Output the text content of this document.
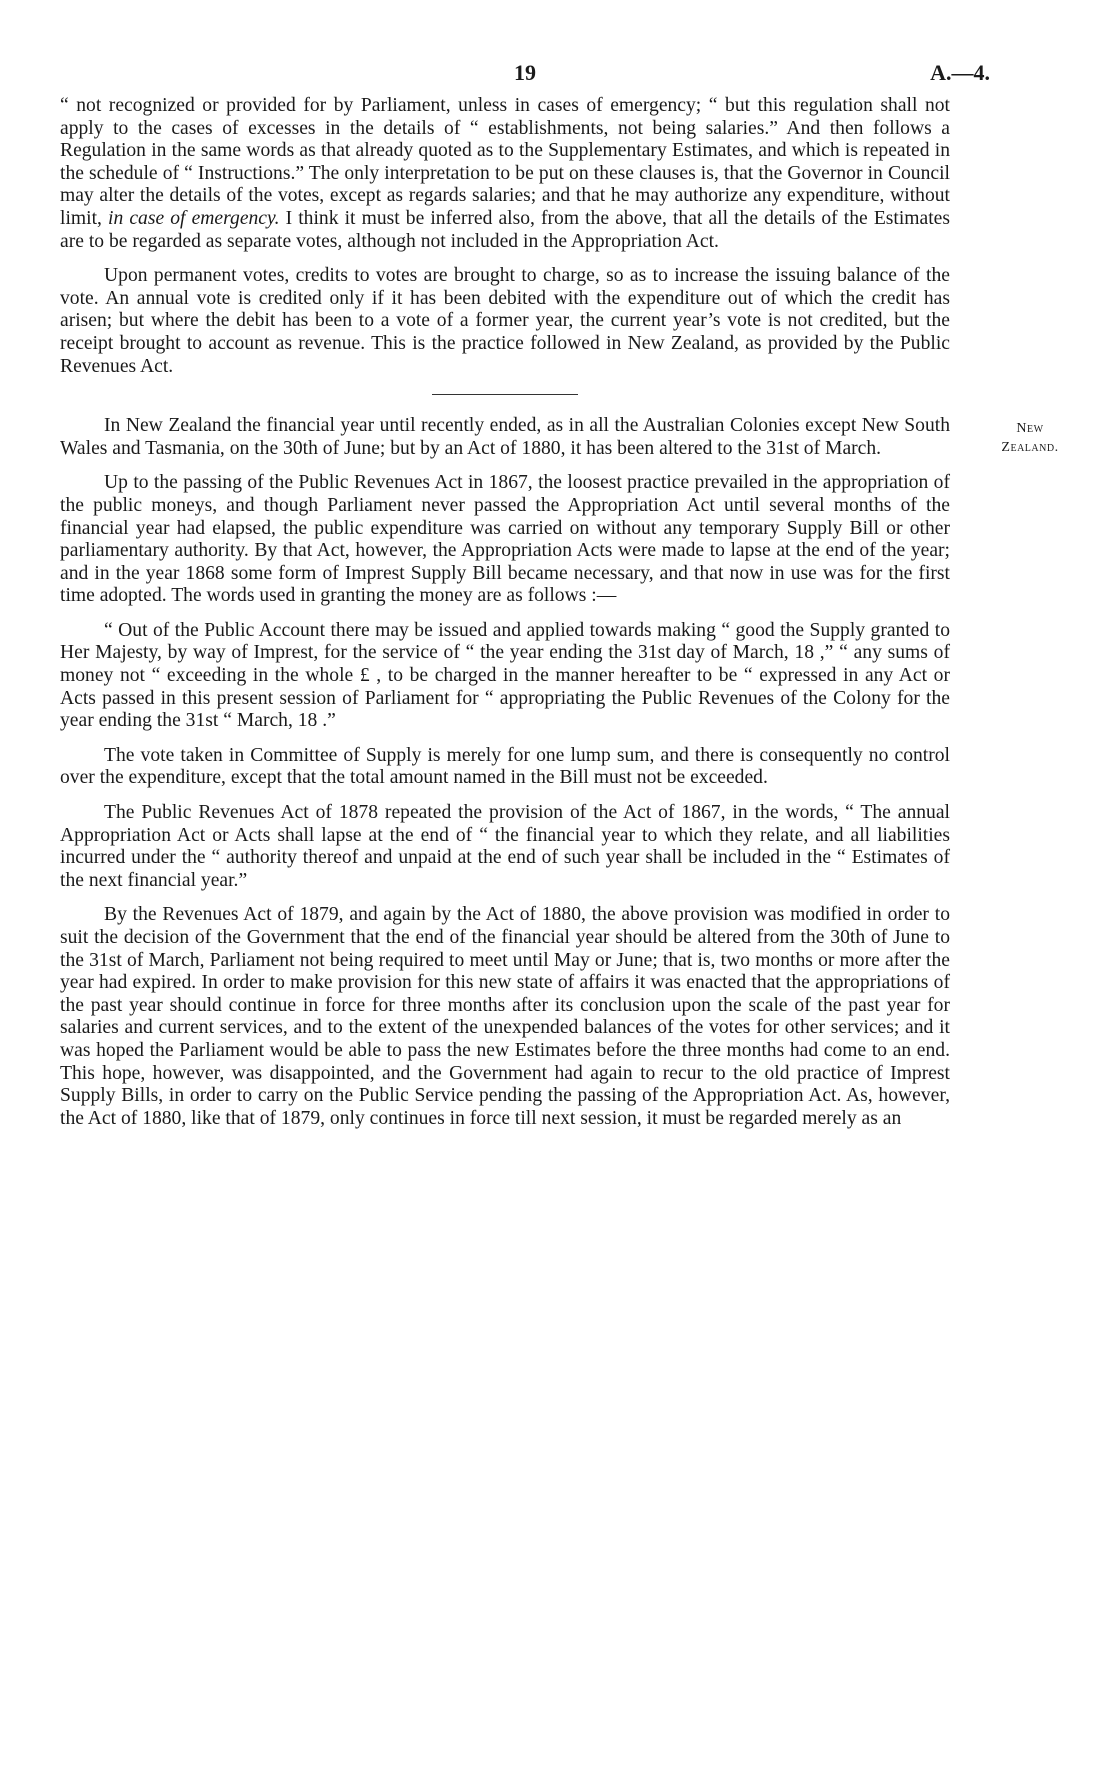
19	A.—4.

“ not recognized or provided for by Parliament, unless in cases of emergency; “ but this regulation shall not apply to the cases of excesses in the details of “ establishments, not being salaries.” And then follows a Regulation in the same words as that already quoted as to the Supplementary Estimates, and which is repeated in the schedule of “ Instructions.” The only interpretation to be put on these clauses is, that the Governor in Council may alter the details of the votes, except as regards salaries; and that he may authorize any expenditure, without limit, in case of emergency. I think it must be inferred also, from the above, that all the details of the Estimates are to be regarded as separate votes, although not included in the Appropriation Act.

Upon permanent votes, credits to votes are brought to charge, so as to increase the issuing balance of the vote. An annual vote is credited only if it has been debited with the expenditure out of which the credit has arisen; but where the debit has been to a vote of a former year, the current year’s vote is not credited, but the receipt brought to account as revenue. This is the practice followed in New Zealand, as provided by the Public Revenues Act.

New
Zealand.

In New Zealand the financial year until recently ended, as in all the Australian Colonies except New South Wales and Tasmania, on the 30th of June; but by an Act of 1880, it has been altered to the 31st of March.

Up to the passing of the Public Revenues Act in 1867, the loosest practice prevailed in the appropriation of the public moneys, and though Parliament never passed the Appropriation Act until several months of the financial year had elapsed, the public expenditure was carried on without any temporary Supply Bill or other parliamentary authority. By that Act, however, the Appropriation Acts were made to lapse at the end of the year; and in the year 1868 some form of Imprest Supply Bill became necessary, and that now in use was for the first time adopted. The words used in granting the money are as follows :—

“ Out of the Public Account there may be issued and applied towards making “ good the Supply granted to Her Majesty, by way of Imprest, for the service of “ the year ending the 31st day of March, 18 ,” “ any sums of money not “ exceeding in the whole £ , to be charged in the manner hereafter to be “ expressed in any Act or Acts passed in this present session of Parliament for “ appropriating the Public Revenues of the Colony for the year ending the 31st “ March, 18 .”

The vote taken in Committee of Supply is merely for one lump sum, and there is consequently no control over the expenditure, except that the total amount named in the Bill must not be exceeded.

The Public Revenues Act of 1878 repeated the provision of the Act of 1867, in the words, “ The annual Appropriation Act or Acts shall lapse at the end of “ the financial year to which they relate, and all liabilities incurred under the “ authority thereof and unpaid at the end of such year shall be included in the “ Estimates of the next financial year.”

By the Revenues Act of 1879, and again by the Act of 1880, the above provision was modified in order to suit the decision of the Government that the end of the financial year should be altered from the 30th of June to the 31st of March, Parliament not being required to meet until May or June; that is, two months or more after the year had expired. In order to make provision for this new state of affairs it was enacted that the appropriations of the past year should continue in force for three months after its conclusion upon the scale of the past year for salaries and current services, and to the extent of the unexpended balances of the votes for other services; and it was hoped the Parliament would be able to pass the new Estimates before the three months had come to an end. This hope, however, was disappointed, and the Government had again to recur to the old practice of Imprest Supply Bills, in order to carry on the Public Service pending the passing of the Appropriation Act. As, however, the Act of 1880, like that of 1879, only continues in force till next session, it must be regarded merely as an
